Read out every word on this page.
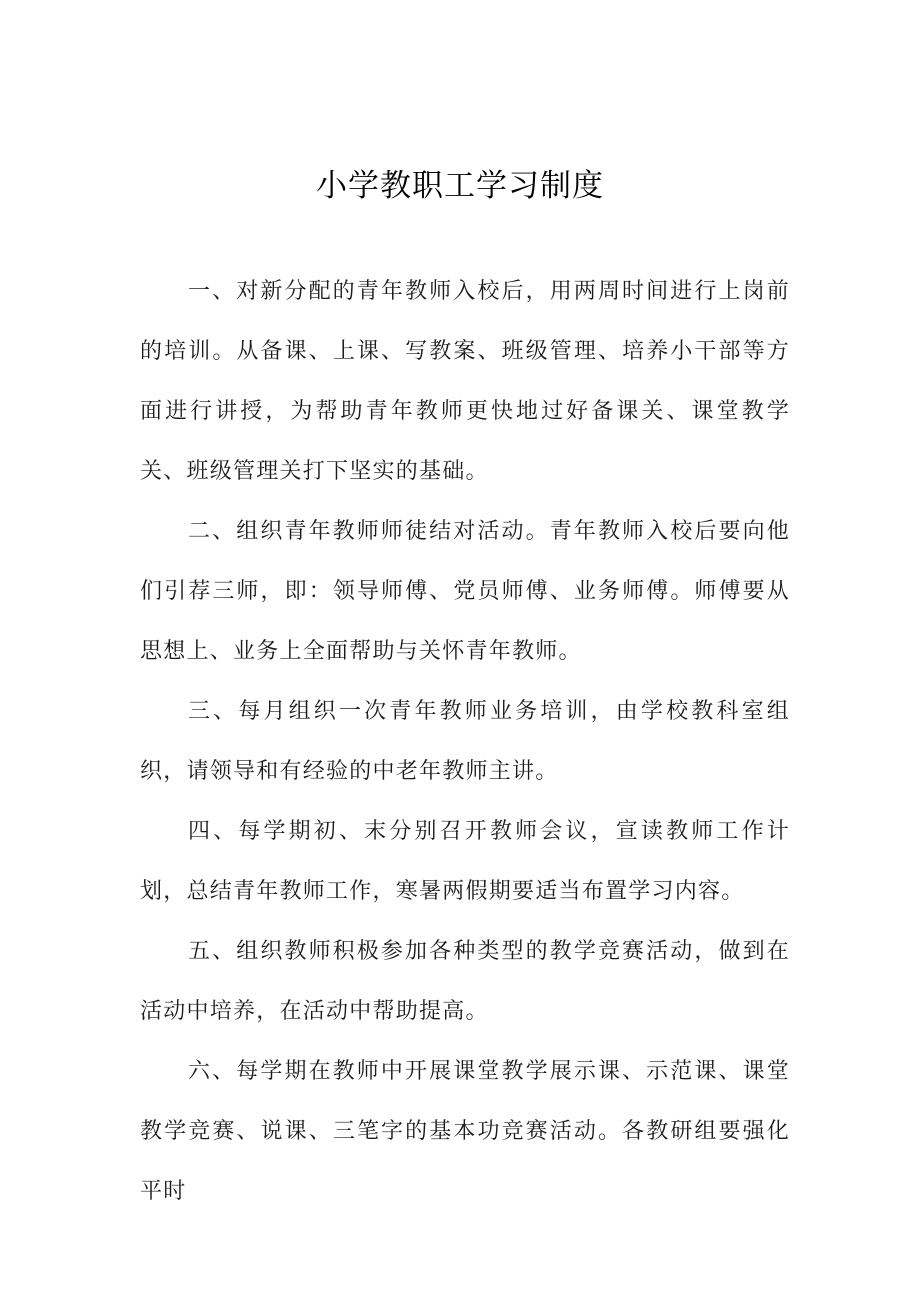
小学教职工学习制度

一、对新分配的青年教师入校后，用两周时间进行上岗前的培训。从备课、上课、写教案、班级管理、培养小干部等方面进行讲授，为帮助青年教师更快地过好备课关、课堂教学关、班级管理关打下坚实的基础。

二、组织青年教师师徒结对活动。青年教师入校后要向他们引荐三师，即：领导师傅、党员师傅、业务师傅。师傅要从思想上、业务上全面帮助与关怀青年教师。

三、每月组织一次青年教师业务培训，由学校教科室组织，请领导和有经验的中老年教师主讲。

四、每学期初、末分别召开教师会议，宣读教师工作计划，总结青年教师工作，寒暑两假期要适当布置学习内容。

五、组织教师积极参加各种类型的教学竞赛活动，做到在活动中培养，在活动中帮助提高。

六、每学期在教师中开展课堂教学展示课、示范课、课堂教学竞赛、说课、三笔字的基本功竞赛活动。各教研组要强化平时
